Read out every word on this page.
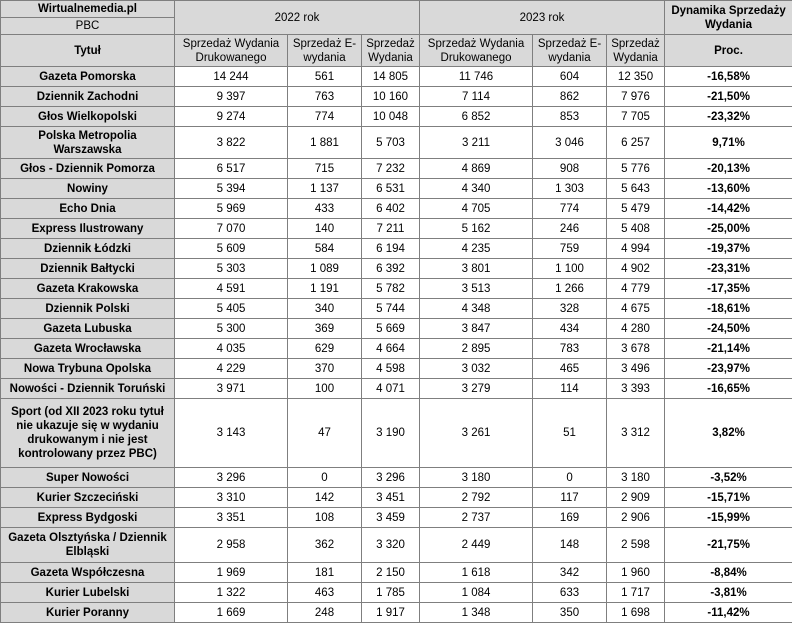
Wirtualnemedia.pl	2022 rok			2023 rok			Dynamika Sprzedaży Wydania
PBC							
Tytuł	Sprzedaż Wydania Drukowanego	Sprzedaż E-wydania	Sprzedaż Wydania	Sprzedaż Wydania Drukowanego	Sprzedaż E-wydania	Sprzedaż Wydania	Proc.
Gazeta Pomorska	14 244	561	14 805	11 746	604	12 350	-16,58%
Dziennik Zachodni	9 397	763	10 160	7 114	862	7 976	-21,50%
Głos Wielkopolski	9 274	774	10 048	6 852	853	7 705	-23,32%
Polska Metropolia Warszawska	3 822	1 881	5 703	3 211	3 046	6 257	9,71%
Głos - Dziennik Pomorza	6 517	715	7 232	4 869	908	5 776	-20,13%
Nowiny	5 394	1 137	6 531	4 340	1 303	5 643	-13,60%
Echo Dnia	5 969	433	6 402	4 705	774	5 479	-14,42%
Express Ilustrowany	7 070	140	7 211	5 162	246	5 408	-25,00%
Dziennik Łódzki	5 609	584	6 194	4 235	759	4 994	-19,37%
Dziennik Bałtycki	5 303	1 089	6 392	3 801	1 100	4 902	-23,31%
Gazeta Krakowska	4 591	1 191	5 782	3 513	1 266	4 779	-17,35%
Dziennik Polski	5 405	340	5 744	4 348	328	4 675	-18,61%
Gazeta Lubuska	5 300	369	5 669	3 847	434	4 280	-24,50%
Gazeta Wrocławska	4 035	629	4 664	2 895	783	3 678	-21,14%
Nowa Trybuna Opolska	4 229	370	4 598	3 032	465	3 496	-23,97%
Nowości - Dziennik Toruński	3 971	100	4 071	3 279	114	3 393	-16,65%
Sport (od XII 2023 roku tytuł nie ukazuje się w wydaniu drukowanym i nie jest kontrolowany przez PBC)	3 143	47	3 190	3 261	51	3 312	3,82%
Super Nowości	3 296	0	3 296	3 180	0	3 180	-3,52%
Kurier Szczeciński	3 310	142	3 451	2 792	117	2 909	-15,71%
Express Bydgoski	3 351	108	3 459	2 737	169	2 906	-15,99%
Gazeta Olsztyńska / Dziennik Elbląski	2 958	362	3 320	2 449	148	2 598	-21,75%
Gazeta Współczesna	1 969	181	2 150	1 618	342	1 960	-8,84%
Kurier Lubelski	1 322	463	1 785	1 084	633	1 717	-3,81%
Kurier Poranny	1 669	248	1 917	1 348	350	1 698	-11,42%
